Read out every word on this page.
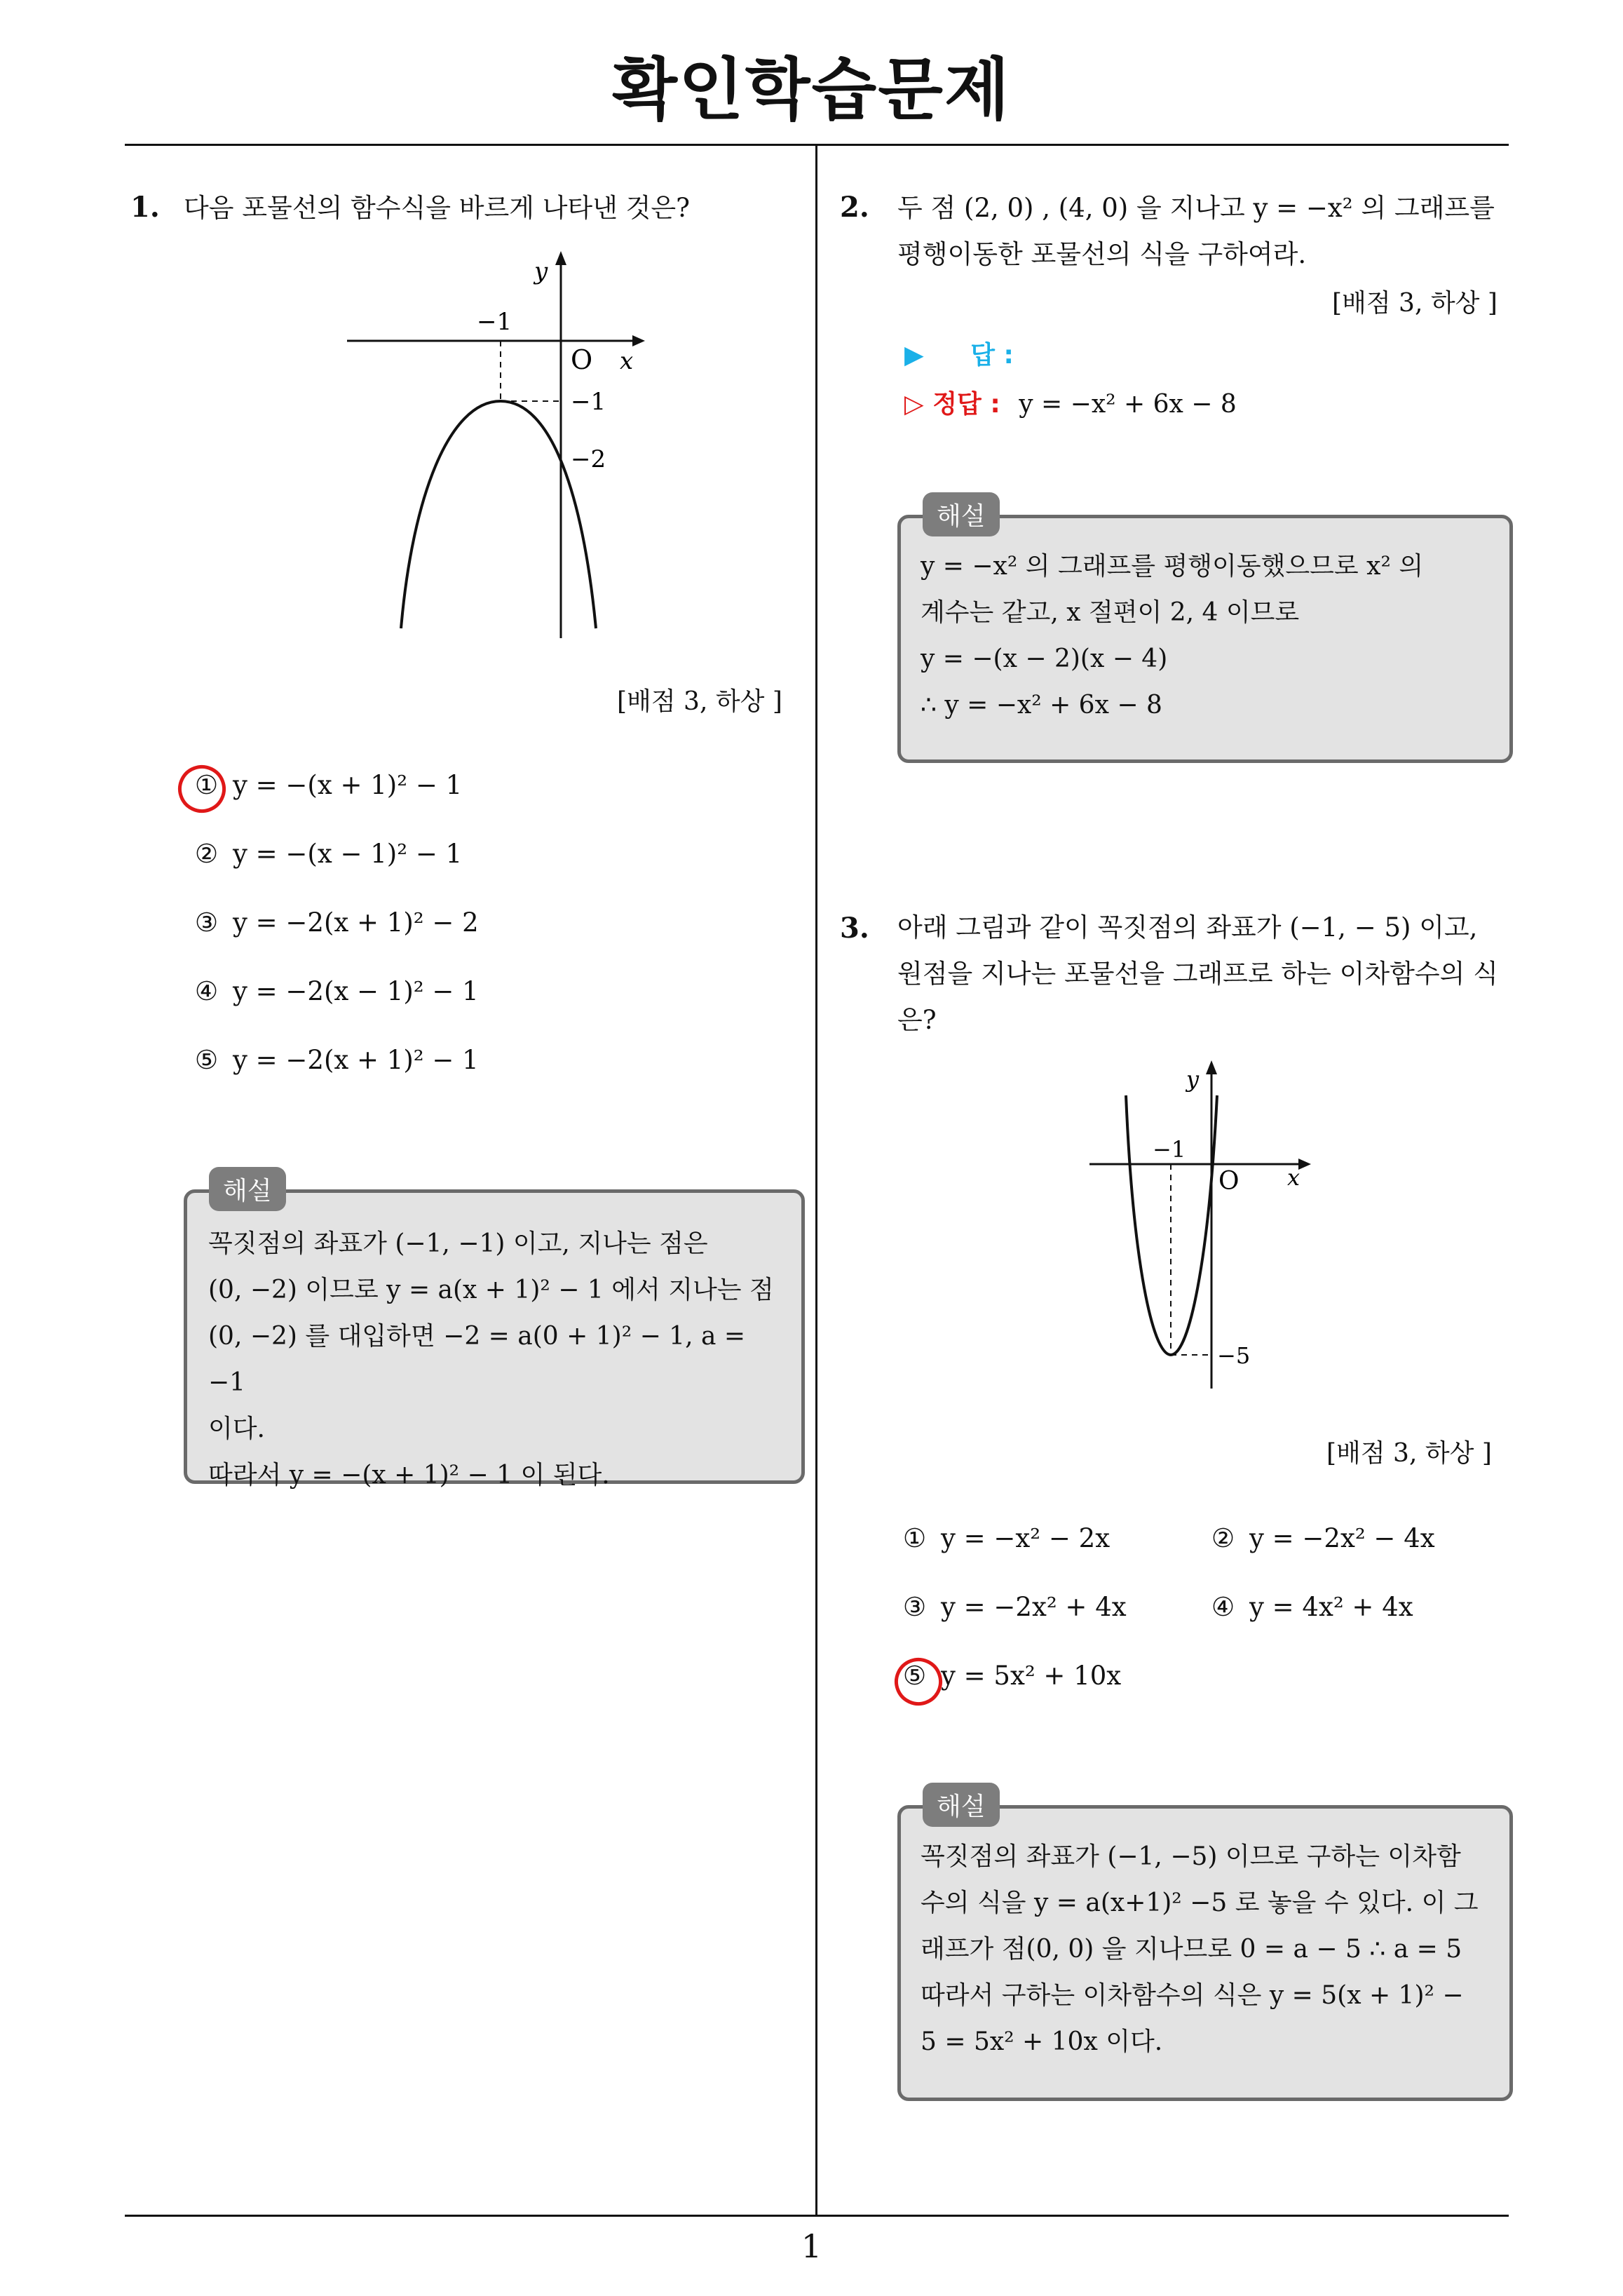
확인학습문제
1
1. 다음 포물선의 함수식을 바르게 나타낸 것은?
y
x
O
−1
−1
−2
[배점 3, 하상 ]
① y = −(x + 1)² − 1
② y = −(x − 1)² − 1
③ y = −2(x + 1)² − 2
④ y = −2(x − 1)² − 1
⑤ y = −2(x + 1)² − 1
꼭짓점의 좌표가 (−1, −1) 이고, 지나는 점은
(0, −2) 이므로 y = a(x + 1)² − 1 에서 지나는 점
(0, −2) 를 대입하면 −2 = a(0 + 1)² − 1, a = −1
이다.
따라서 y = −(x + 1)² − 1 이 된다.
해설
2. 두 점 (2, 0) , (4, 0) 을 지나고 y = −x² 의 그래프를
평행이동한 포물선의 식을 구하여라.
[배점 3, 하상 ]
▶ 답 :
▷ 정답 : y = −x² + 6x − 8
y = −x² 의 그래프를 평행이동했으므로 x² 의
계수는 같고, x 절편이 2, 4 이므로
y = −(x − 2)(x − 4)
∴ y = −x² + 6x − 8
해설
3. 아래 그림과 같이 꼭짓점의 좌표가 (−1, − 5) 이고,
원점을 지나는 포물선을 그래프로 하는 이차함수의 식
은?
y
x
O
−1
−5
[배점 3, 하상 ]
① y = −x² − 2x	② y = −2x² − 4x
③ y = −2x² + 4x	④ y = 4x² + 4x
⑤ y = 5x² + 10x
꼭짓점의 좌표가 (−1, −5) 이므로 구하는 이차함
수의 식을 y = a(x+1)² −5 로 놓을 수 있다. 이 그
래프가 점(0, 0) 을 지나므로 0 = a − 5 ∴ a = 5
따라서 구하는 이차함수의 식은 y = 5(x + 1)² −
5 = 5x² + 10x 이다.
해설
